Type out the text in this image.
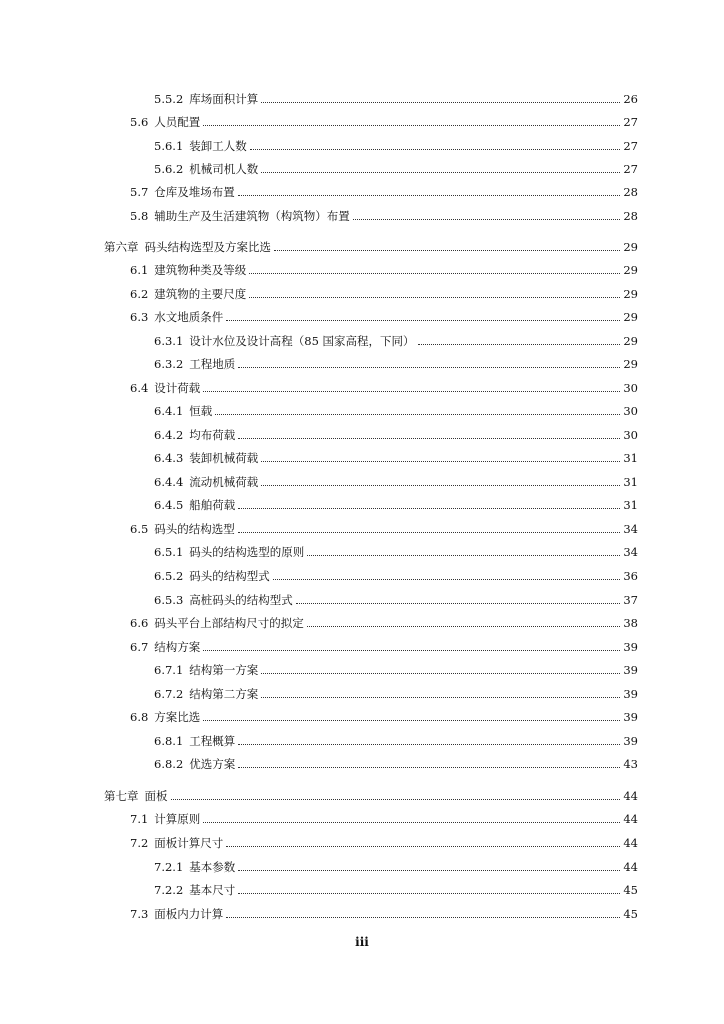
5.5.2 库场面积计算	26
5.6 人员配置	27
5.6.1 装卸工人数	27
5.6.2 机械司机人数	27
5.7 仓库及堆场布置	28
5.8 辅助生产及生活建筑物（构筑物）布置	28
第六章 码头结构选型及方案比选	29
6.1 建筑物种类及等级	29
6.2 建筑物的主要尺度	29
6.3 水文地质条件	29
6.3.1 设计水位及设计高程（85 国家高程，下同）	29
6.3.2 工程地质	29
6.4 设计荷载	30
6.4.1 恒载	30
6.4.2 均布荷载	30
6.4.3 装卸机械荷载	31
6.4.4 流动机械荷载	31
6.4.5 船舶荷载	31
6.5 码头的结构选型	34
6.5.1 码头的结构选型的原则	34
6.5.2 码头的结构型式	36
6.5.3 高桩码头的结构型式	37
6.6 码头平台上部结构尺寸的拟定	38
6.7 结构方案	39
6.7.1 结构第一方案	39
6.7.2 结构第二方案	39
6.8 方案比选	39
6.8.1 工程概算	39
6.8.2 优选方案	43
第七章 面板	44
7.1 计算原则	44
7.2 面板计算尺寸	44
7.2.1 基本参数	44
7.2.2 基本尺寸	45
7.3 面板内力计算	45
iii
